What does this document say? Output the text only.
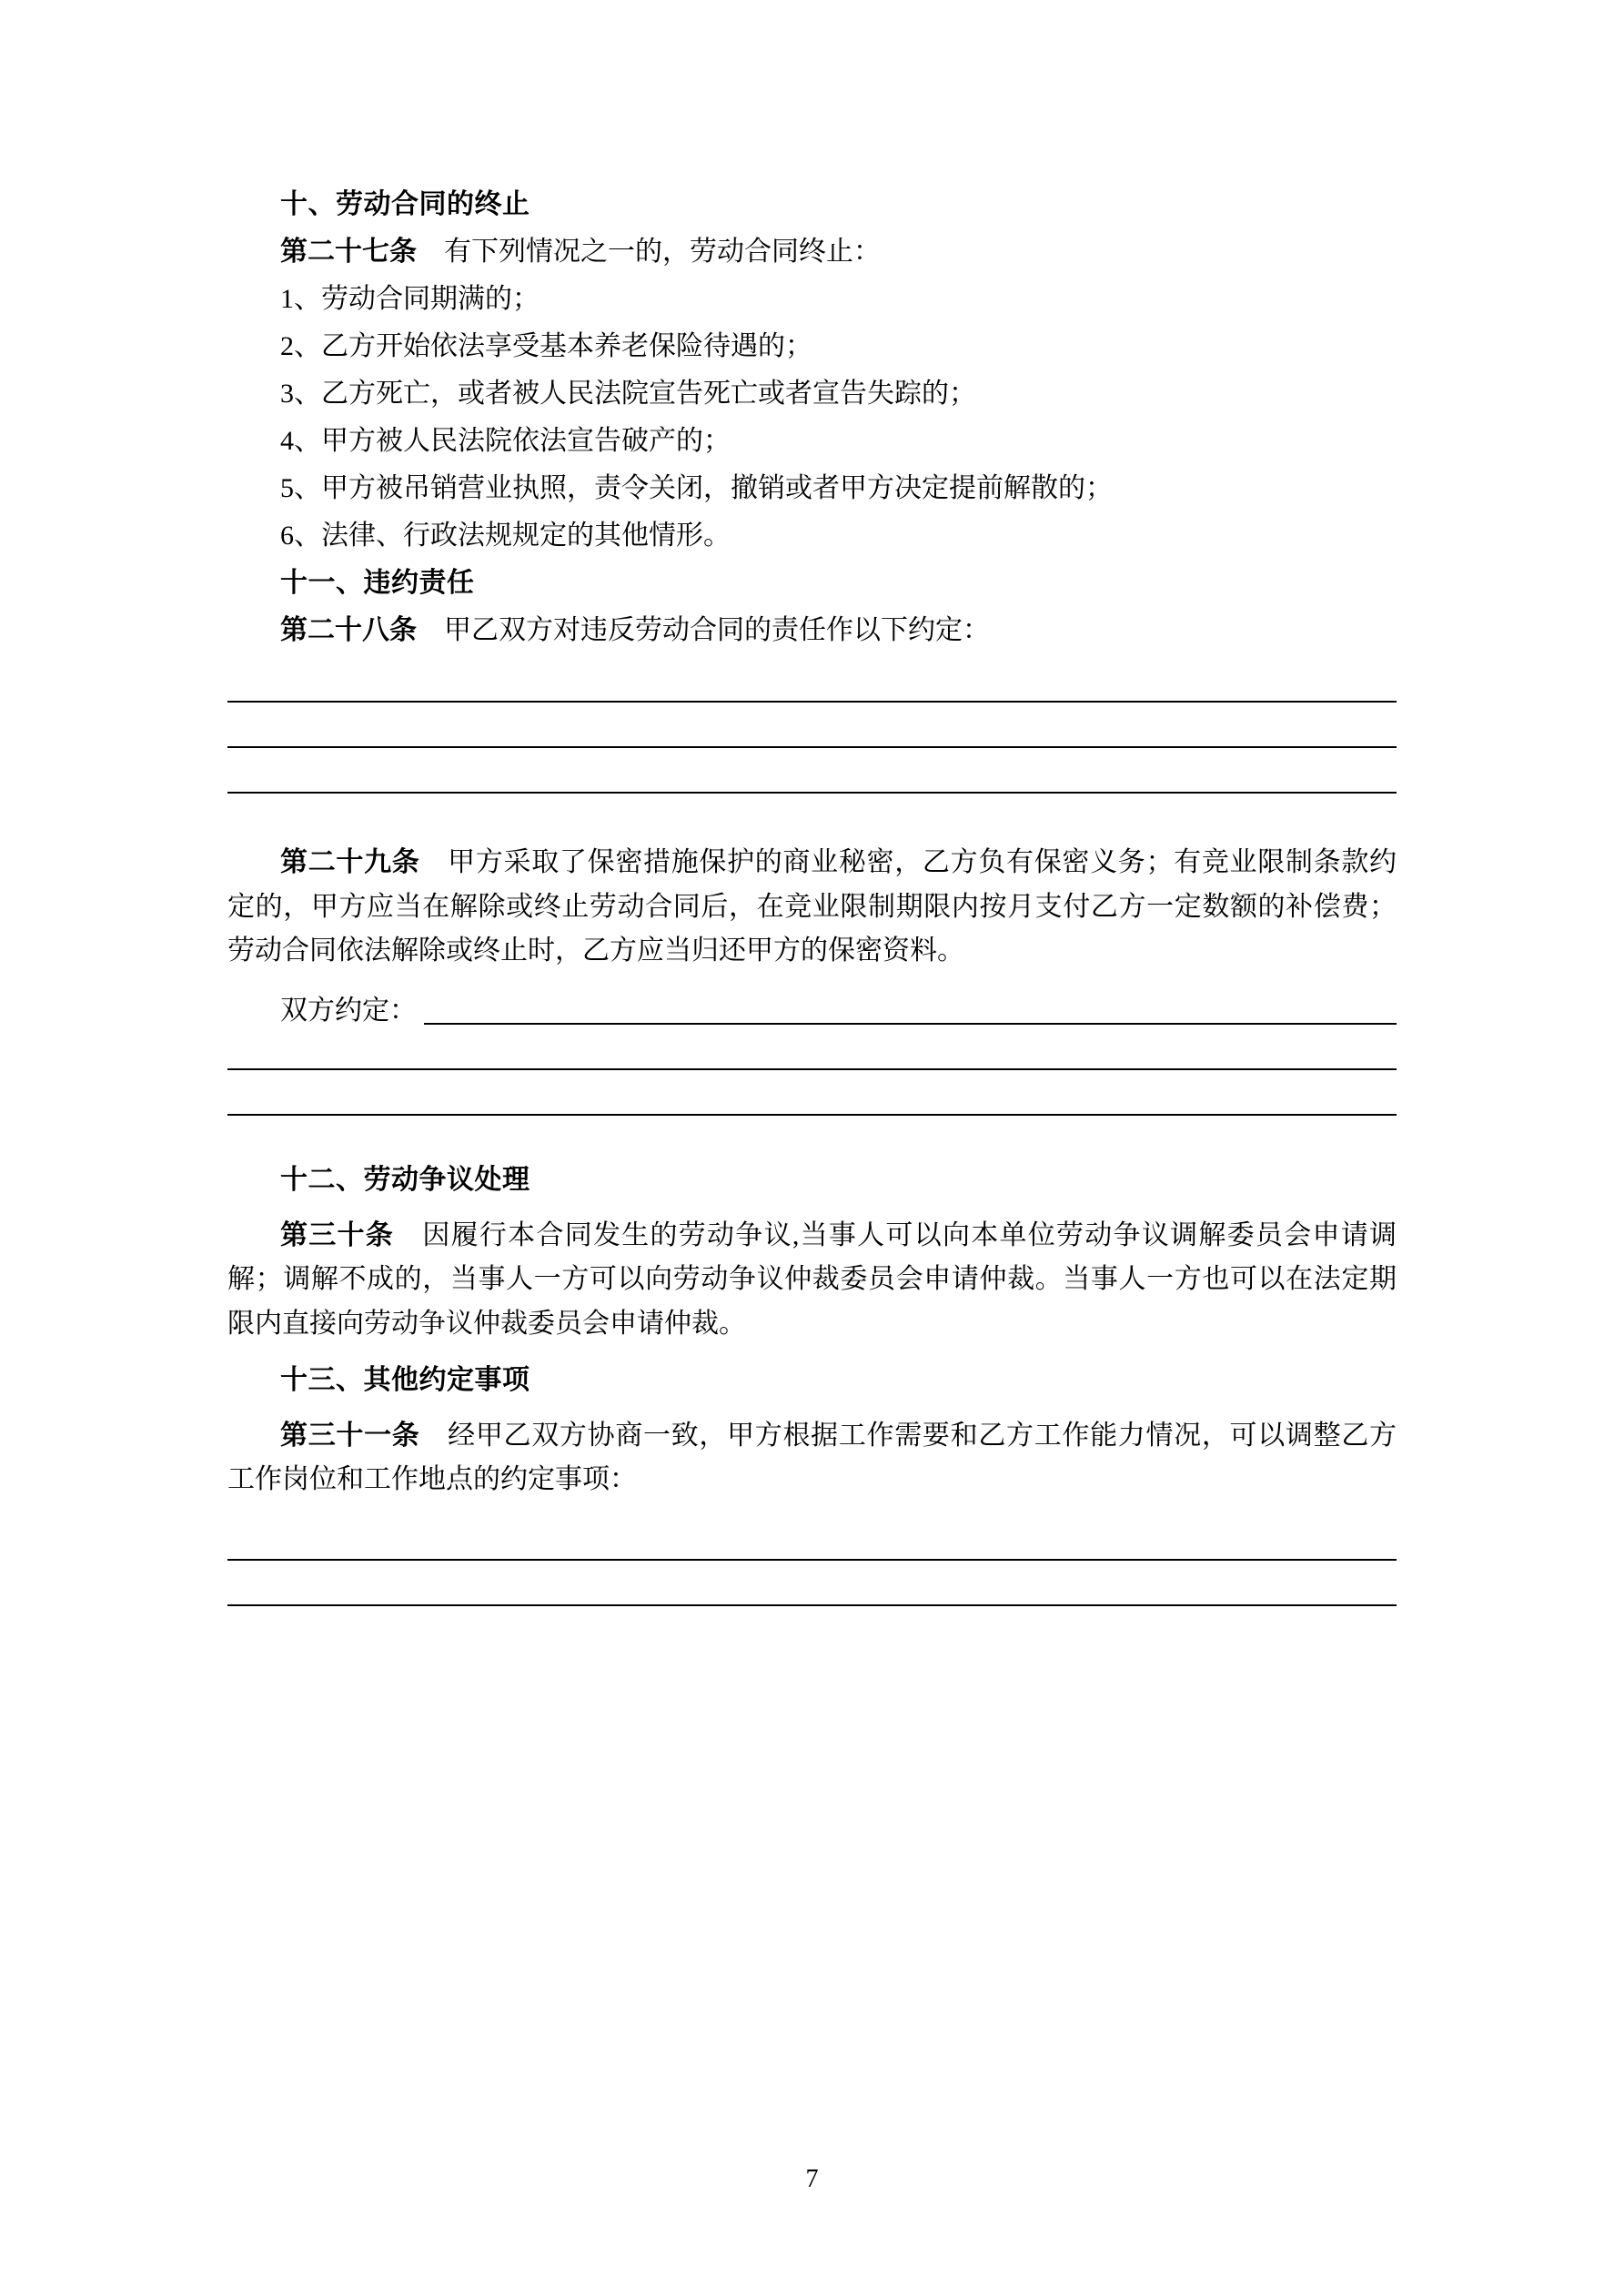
十、劳动合同的终止
第二十七条 有下列情况之一的，劳动合同终止：
1、劳动合同期满的；
2、乙方开始依法享受基本养老保险待遇的；
3、乙方死亡，或者被人民法院宣告死亡或者宣告失踪的；
4、甲方被人民法院依法宣告破产的；
5、甲方被吊销营业执照，责令关闭，撤销或者甲方决定提前解散的；
6、法律、行政法规规定的其他情形。
十一、违约责任
第二十八条 甲乙双方对违反劳动合同的责任作以下约定：
第二十九条 甲方采取了保密措施保护的商业秘密，乙方负有保密义务；有竞业限制条款约定的，甲方应当在解除或终止劳动合同后，在竞业限制期限内按月支付乙方一定数额的补偿费；劳动合同依法解除或终止时，乙方应当归还甲方的保密资料。
双方约定：
十二、劳动争议处理
第三十条 因履行本合同发生的劳动争议,当事人可以向本单位劳动争议调解委员会申请调解；调解不成的，当事人一方可以向劳动争议仲裁委员会申请仲裁。当事人一方也可以在法定期限内直接向劳动争议仲裁委员会申请仲裁。
十三、其他约定事项
第三十一条 经甲乙双方协商一致，甲方根据工作需要和乙方工作能力情况，可以调整乙方工作岗位和工作地点的约定事项：
7
